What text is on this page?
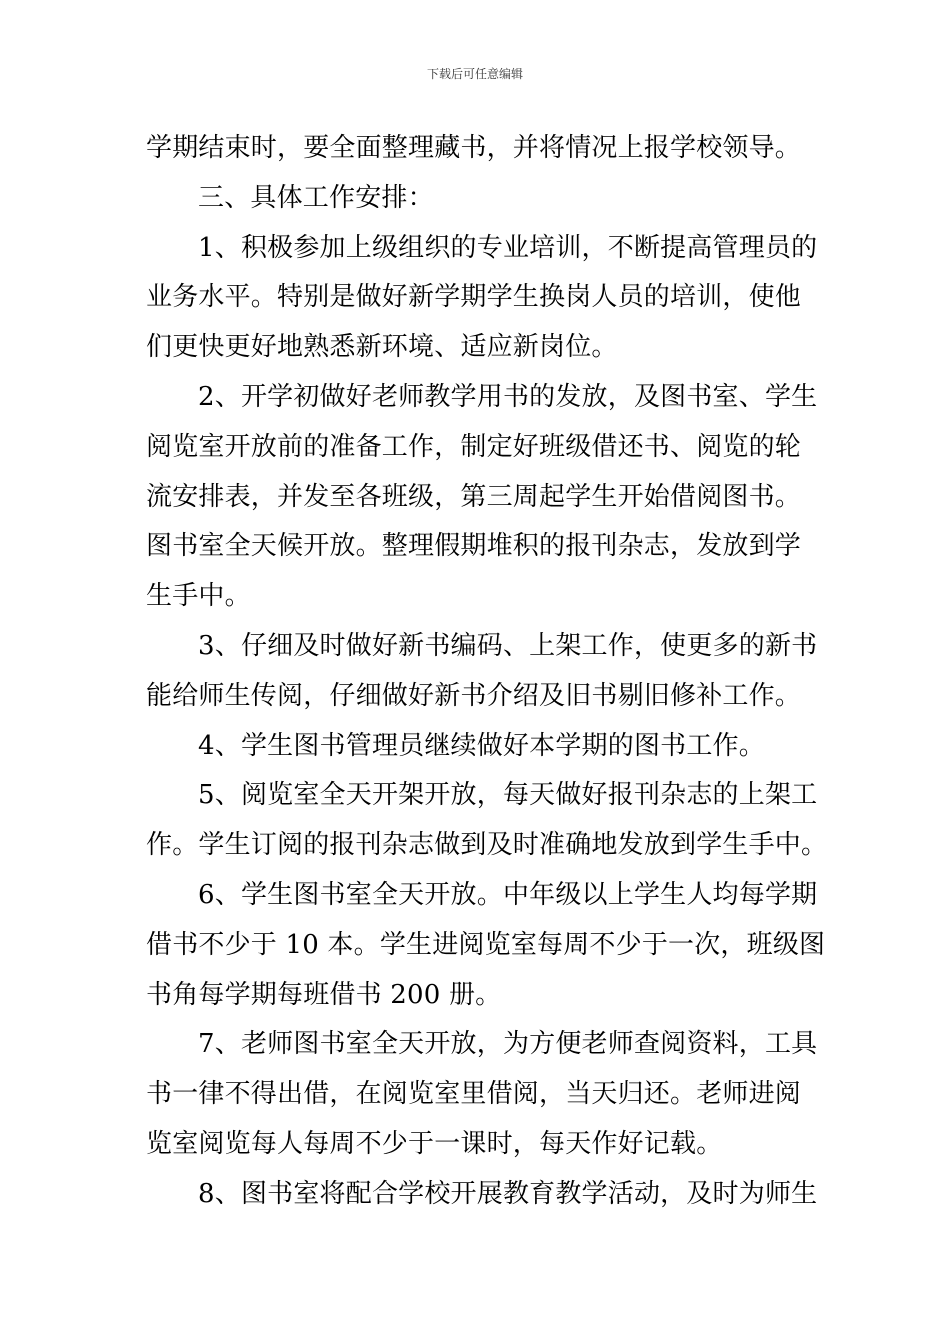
下载后可任意编辑
学期结束时，要全面整理藏书，并将情况上报学校领导。
三、具体工作安排：
1、积极参加上级组织的专业培训，不断提高管理员的
业务水平。特别是做好新学期学生换岗人员的培训，使他
们更快更好地熟悉新环境、适应新岗位。
2、开学初做好老师教学用书的发放，及图书室、学生
阅览室开放前的准备工作，制定好班级借还书、阅览的轮
流安排表，并发至各班级，第三周起学生开始借阅图书。
图书室全天候开放。整理假期堆积的报刊杂志，发放到学
生手中。
3、仔细及时做好新书编码、上架工作，使更多的新书
能给师生传阅，仔细做好新书介绍及旧书剔旧修补工作。
4、学生图书管理员继续做好本学期的图书工作。
5、阅览室全天开架开放，每天做好报刊杂志的上架工
作。学生订阅的报刊杂志做到及时准确地发放到学生手中。
6、学生图书室全天开放。中年级以上学生人均每学期
借书不少于 10 本。学生进阅览室每周不少于一次，班级图
书角每学期每班借书 200 册。
7、老师图书室全天开放，为方便老师查阅资料，工具
书一律不得出借，在阅览室里借阅，当天归还。老师进阅
览室阅览每人每周不少于一课时，每天作好记载。
8、图书室将配合学校开展教育教学活动，及时为师生
